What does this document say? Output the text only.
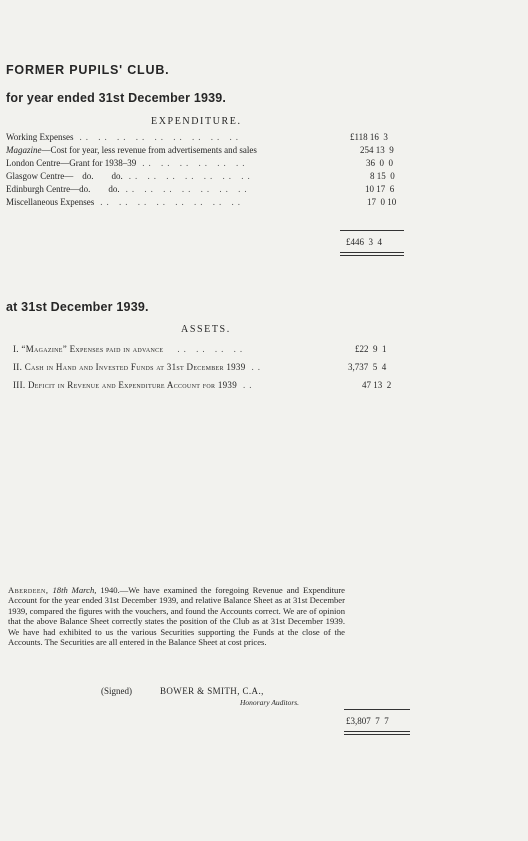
FORMER PUPILS' CLUB.
for year ended 31st December 1939.
EXPENDITURE.
Working Expenses .. .. .. .. .. .. .. .. ..
Magazine—Cost for year, less revenue from advertisements and sales
London Centre—Grant for 1938–39 .. .. .. .. .. ..
Glasgow Centre—    do.        do. .. .. .. .. .. .. ..
Edinburgh Centre—do.        do. .. .. .. .. .. .. ..
Miscellaneous Expenses .. .. .. .. .. .. .. ..
£118 16  3
254 13  9
36  0  0
8 15  0
10 17  6
17  0 10
£446  3  4
at 31st December 1939.
ASSETS.
I. “Magazine” Expenses paid in advance .. .. .. ..
II. Cash in Hand and Invested Funds at 31st December 1939 ..
III. Deficit in Revenue and Expenditure Account for 1939 ..
£22  9  1
3,737  5  4
47 13  2
Aberdeen, 18th March, 1940.—We have examined the foregoing Revenue and Expenditure Account for the year ended 31st December 1939, and relative Balance Sheet as at 31st December 1939, compared the figures with the vouchers, and found the Accounts correct. We are of opinion that the above Balance Sheet correctly states the position of the Club as at 31st December 1939. We have had exhibited to us the various Securities supporting the Funds at the close of the Accounts. The Securities are all entered in the Balance Sheet at cost prices.
(Signed)	BOWER & SMITH, C.A.,
Honorary Auditors.
£3,807  7  7
